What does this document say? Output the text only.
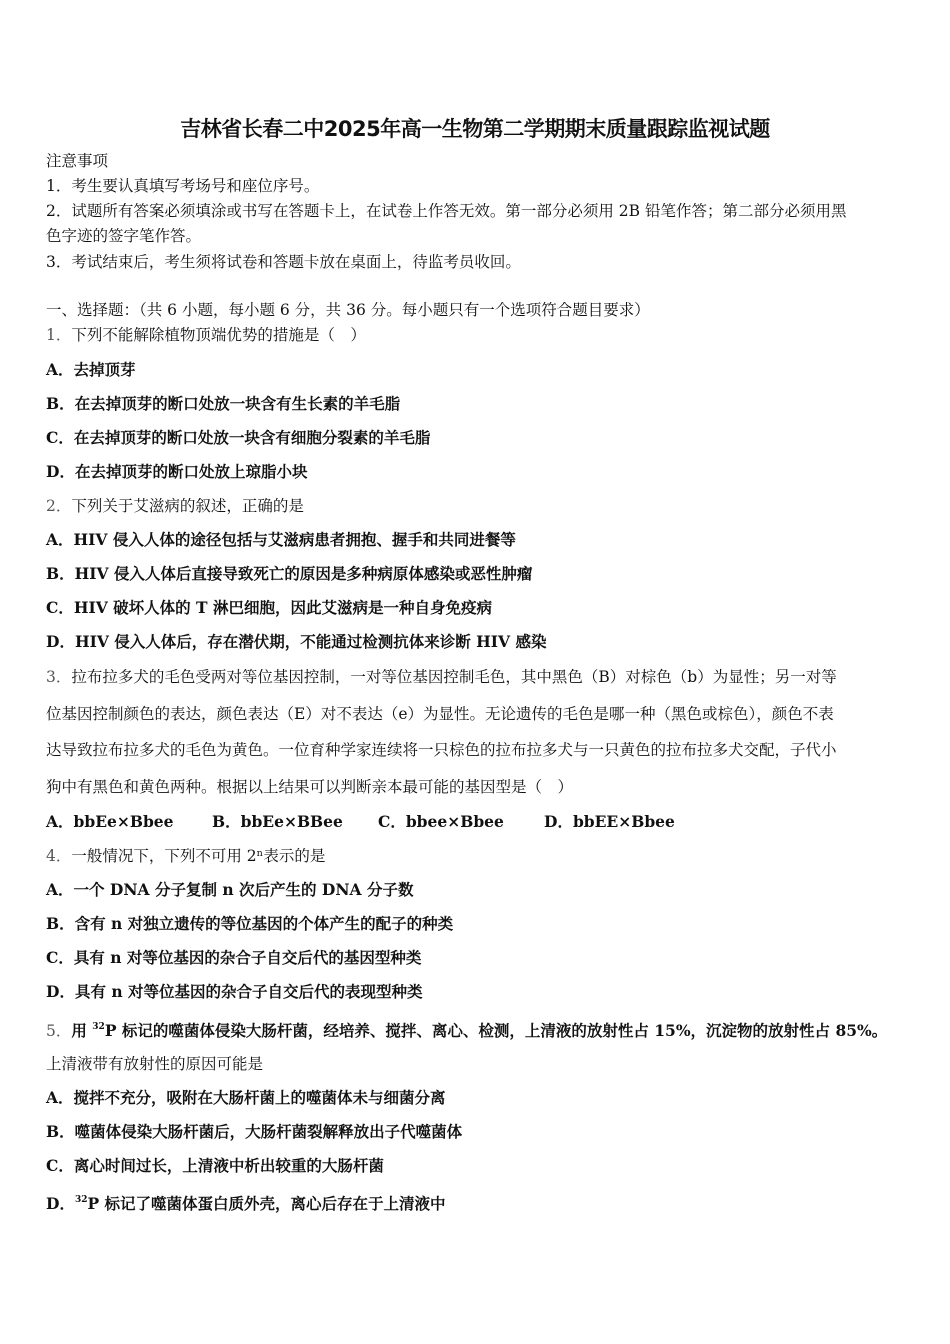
吉林省长春二中2025年高一生物第二学期期末质量跟踪监视试题
注意事项
1．考生要认真填写考场号和座位序号。
2．试题所有答案必须填涂或书写在答题卡上，在试卷上作答无效。第一部分必须用 2B 铅笔作答；第二部分必须用黑
色字迹的签字笔作答。
3．考试结束后，考生须将试卷和答题卡放在桌面上，待监考员收回。
一、选择题：（共 6 小题，每小题 6 分，共 36 分。每小题只有一个选项符合题目要求）
1．下列不能解除植物顶端优势的措施是（　）
A．去掉顶芽
B．在去掉顶芽的断口处放一块含有生长素的羊毛脂
C．在去掉顶芽的断口处放一块含有细胞分裂素的羊毛脂
D．在去掉顶芽的断口处放上琼脂小块
2．下列关于艾滋病的叙述，正确的是
A．HIV 侵入人体的途径包括与艾滋病患者拥抱、握手和共同进餐等
B．HIV 侵入人体后直接导致死亡的原因是多种病原体感染或恶性肿瘤
C．HIV 破坏人体的 T 淋巴细胞，因此艾滋病是一种自身免疫病
D．HIV 侵入人体后，存在潜伏期，不能通过检测抗体来诊断 HIV 感染
3．拉布拉多犬的毛色受两对等位基因控制，一对等位基因控制毛色，其中黑色（B）对棕色（b）为显性；另一对等
位基因控制颜色的表达，颜色表达（E）对不表达（e）为显性。无论遗传的毛色是哪一种（黑色或棕色），颜色不表
达导致拉布拉多犬的毛色为黄色。一位育种学家连续将一只棕色的拉布拉多犬与一只黄色的拉布拉多犬交配，子代小
狗中有黑色和黄色两种。根据以上结果可以判断亲本最可能的基因型是（　）
A．bbEe×Bbee B．bbEe×BBee C．bbee×Bbee	D．bbEE×Bbee
4．一般情况下，下列不可用 2ⁿ表示的是
A．一个 DNA 分子复制 n 次后产生的 DNA 分子数
B．含有 n 对独立遗传的等位基因的个体产生的配子的种类
C．具有 n 对等位基因的杂合子自交后代的基因型种类
D．具有 n 对等位基因的杂合子自交后代的表现型种类
5．用 $^{32}$P 标记的噬菌体侵染大肠杆菌，经培养、搅拌、离心、检测，上清液的放射性占 15%，沉淀物的放射性占 85%。
上清液带有放射性的原因可能是
A．搅拌不充分，吸附在大肠杆菌上的噬菌体未与细菌分离
B．噬菌体侵染大肠杆菌后，大肠杆菌裂解释放出子代噬菌体
C．离心时间过长，上清液中析出较重的大肠杆菌
D．$^{32}$P 标记了噬菌体蛋白质外壳，离心后存在于上清液中
